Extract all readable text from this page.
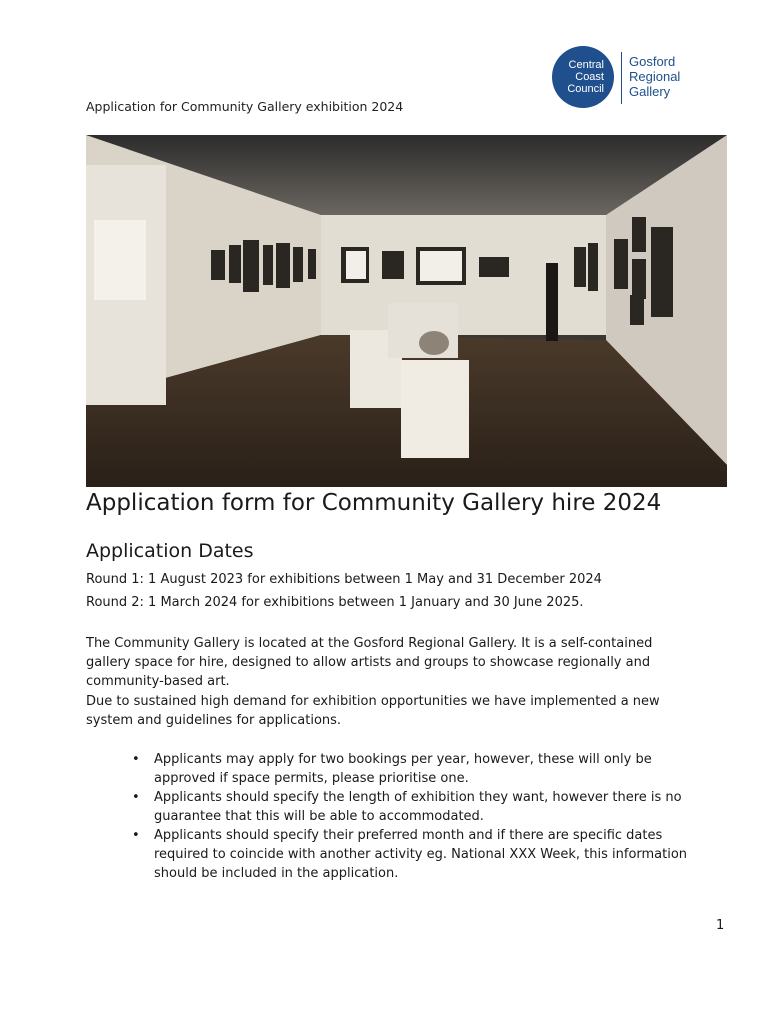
Central
Coast
Council
Gosford
Regional
Gallery
Application for Community Gallery exhibition 2024
Application form for Community Gallery hire 2024
Application Dates
Round 1: 1 August 2023 for exhibitions between 1 May and 31 December 2024
Round 2: 1 March 2024 for exhibitions between 1 January and 30 June 2025.

The Community Gallery is located at the Gosford Regional Gallery. It is a self-contained gallery space for hire, designed to allow artists and groups to showcase regionally and community-based art.

Due to sustained high demand for exhibition opportunities we have implemented a new system and guidelines for applications.

• Applicants may apply for two bookings per year, however, these will only be approved if space permits, please prioritise one.
• Applicants should specify the length of exhibition they want, however there is no guarantee that this will be able to accommodated.
• Applicants should specify their preferred month and if there are specific dates required to coincide with another activity eg. National XXX Week, this information should be included in the application.
1
